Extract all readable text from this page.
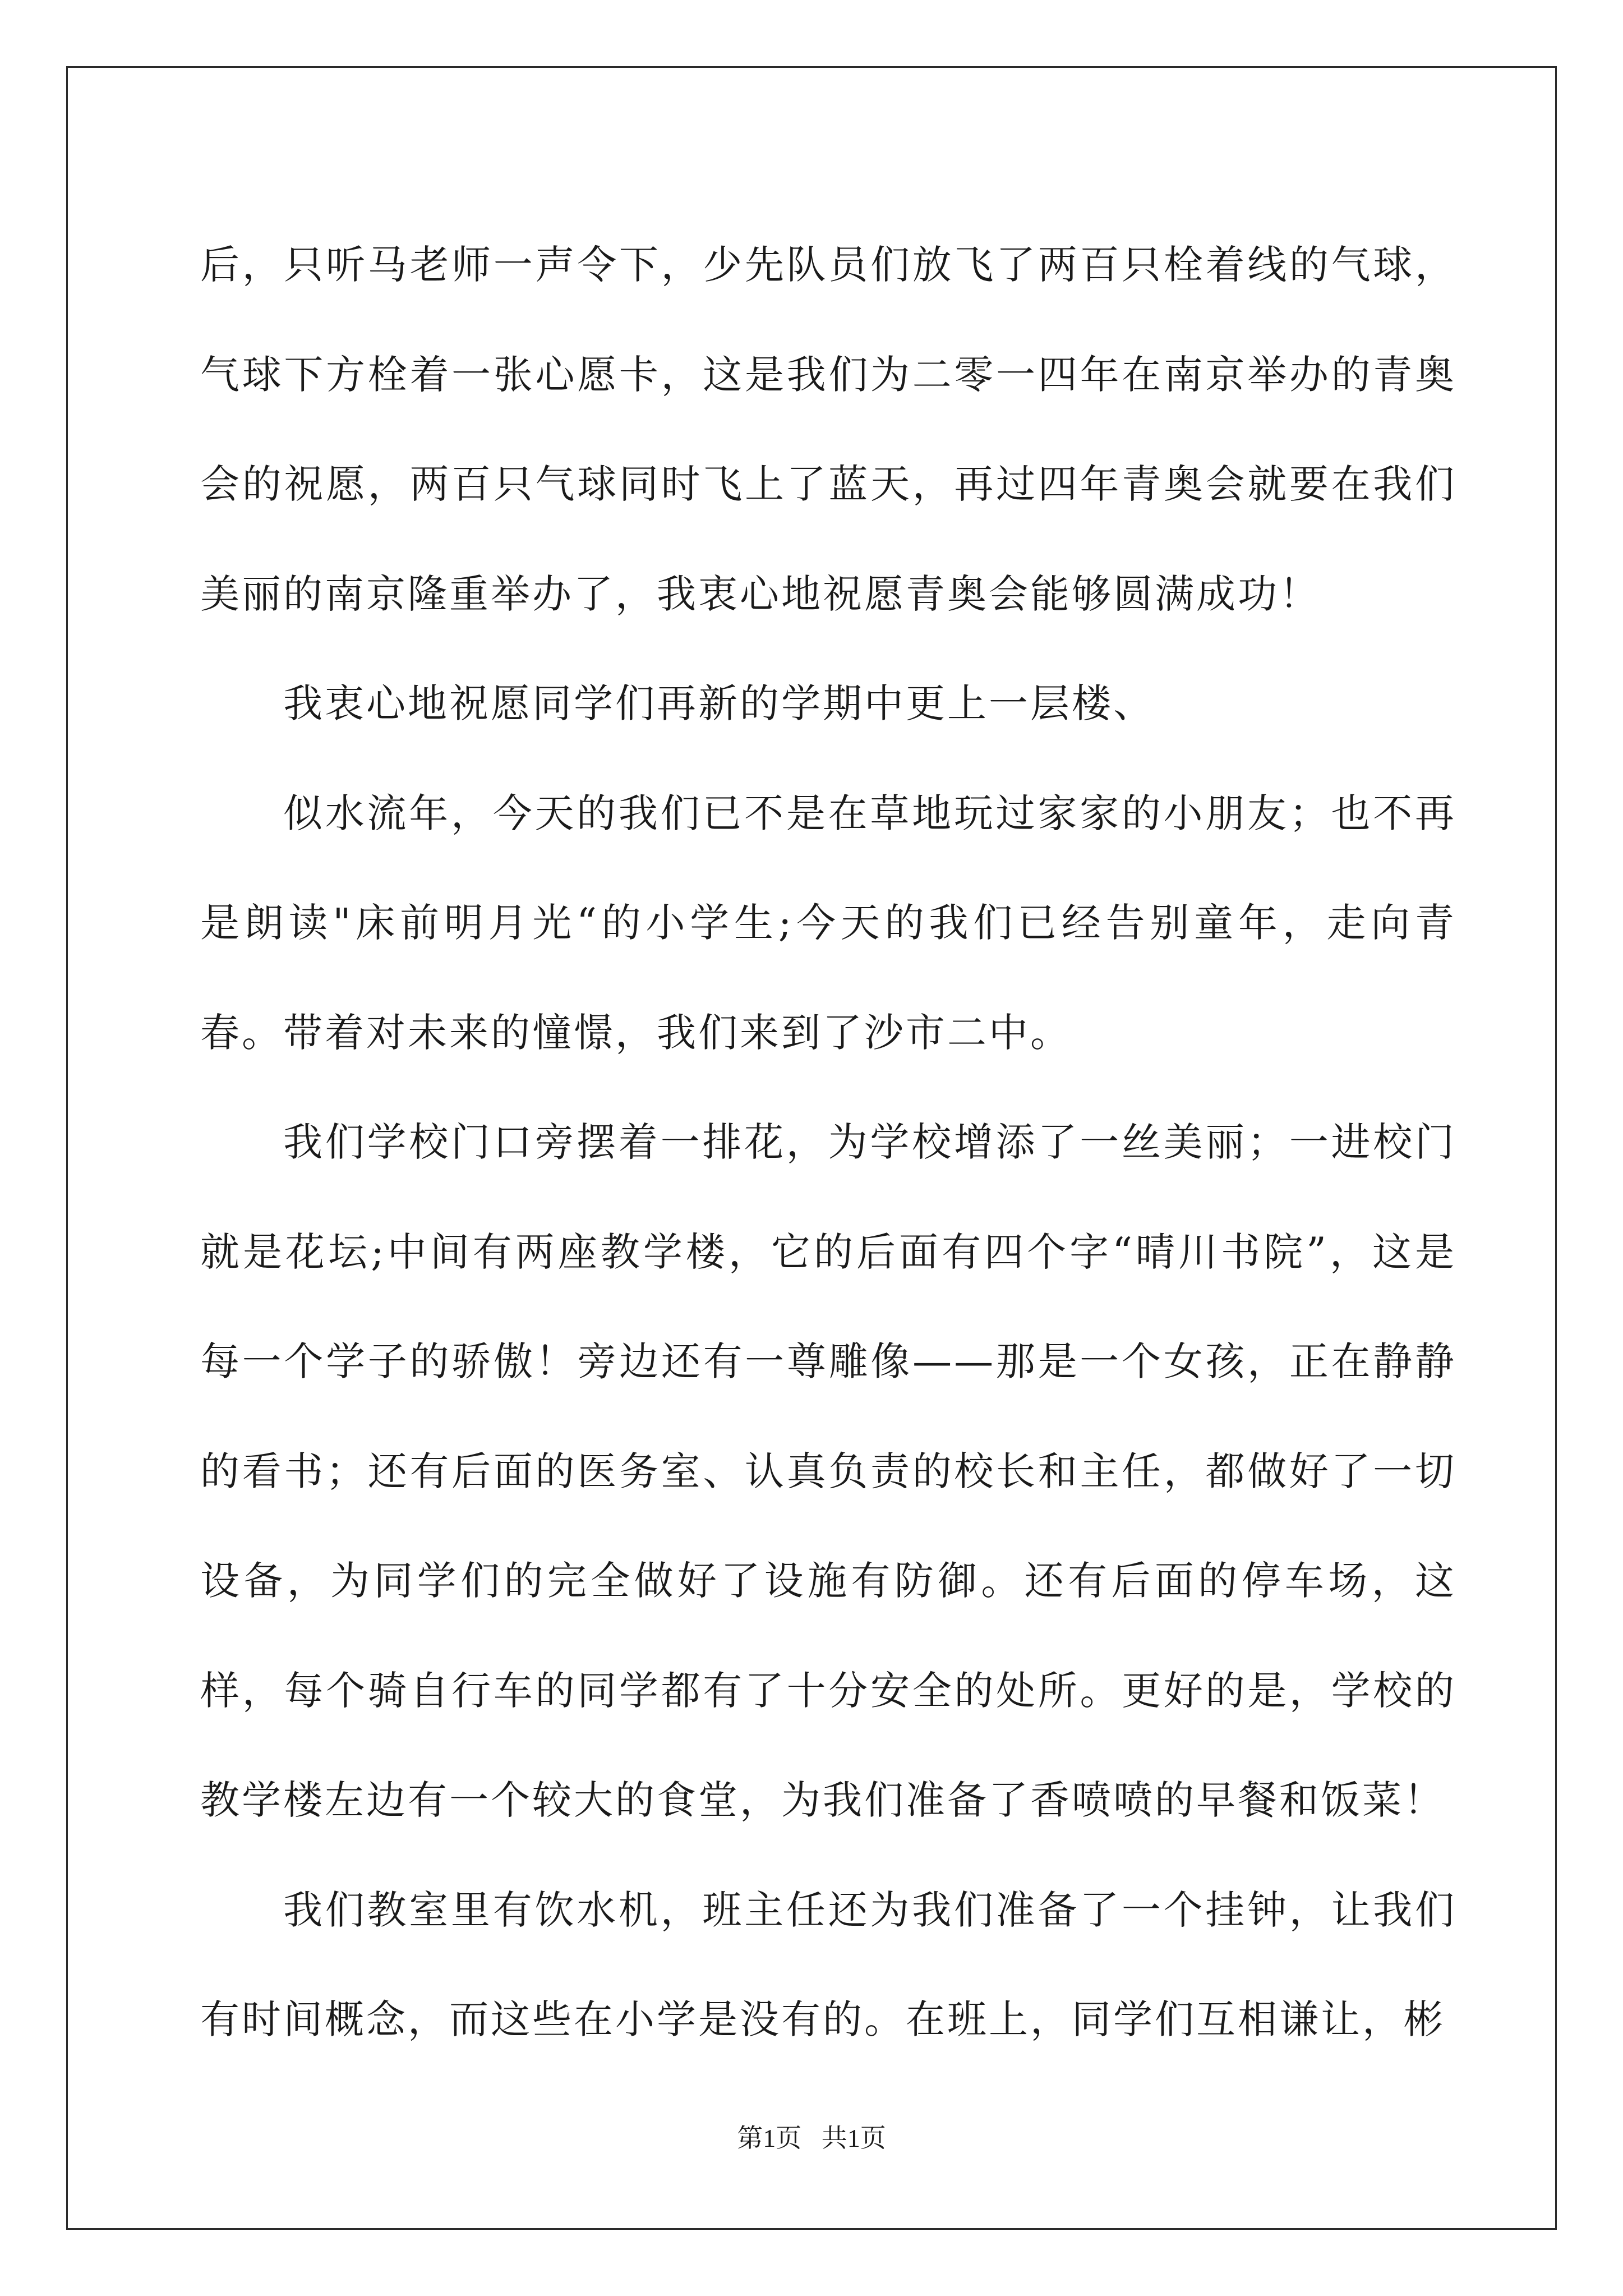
后，只听马老师一声令下，少先队员们放飞了两百只栓着线的气球，气球下方栓着一张心愿卡，这是我们为二零一四年在南京举办的青奥会的祝愿，两百只气球同时飞上了蓝天，再过四年青奥会就要在我们美丽的南京隆重举办了，我衷心地祝愿青奥会能够圆满成功！

我衷心地祝愿同学们再新的学期中更上一层楼、

似水流年，今天的我们已不是在草地玩过家家的小朋友；也不再是朗读"床前明月光“的小学生;今天的我们已经告别童年，走向青春。带着对未来的憧憬，我们来到了沙市二中。

我们学校门口旁摆着一排花，为学校增添了一丝美丽；一进校门就是花坛;中间有两座教学楼，它的后面有四个字“晴川书院”，这是每一个学子的骄傲！旁边还有一尊雕像——那是一个女孩，正在静静的看书；还有后面的医务室、认真负责的校长和主任，都做好了一切设备，为同学们的完全做好了设施有防御。还有后面的停车场，这样，每个骑自行车的同学都有了十分安全的处所。更好的是，学校的教学楼左边有一个较大的食堂，为我们准备了香喷喷的早餐和饭菜！

我们教室里有饮水机，班主任还为我们准备了一个挂钟，让我们有时间概念，而这些在小学是没有的。在班上，同学们互相谦让，彬

第1页 共1页
